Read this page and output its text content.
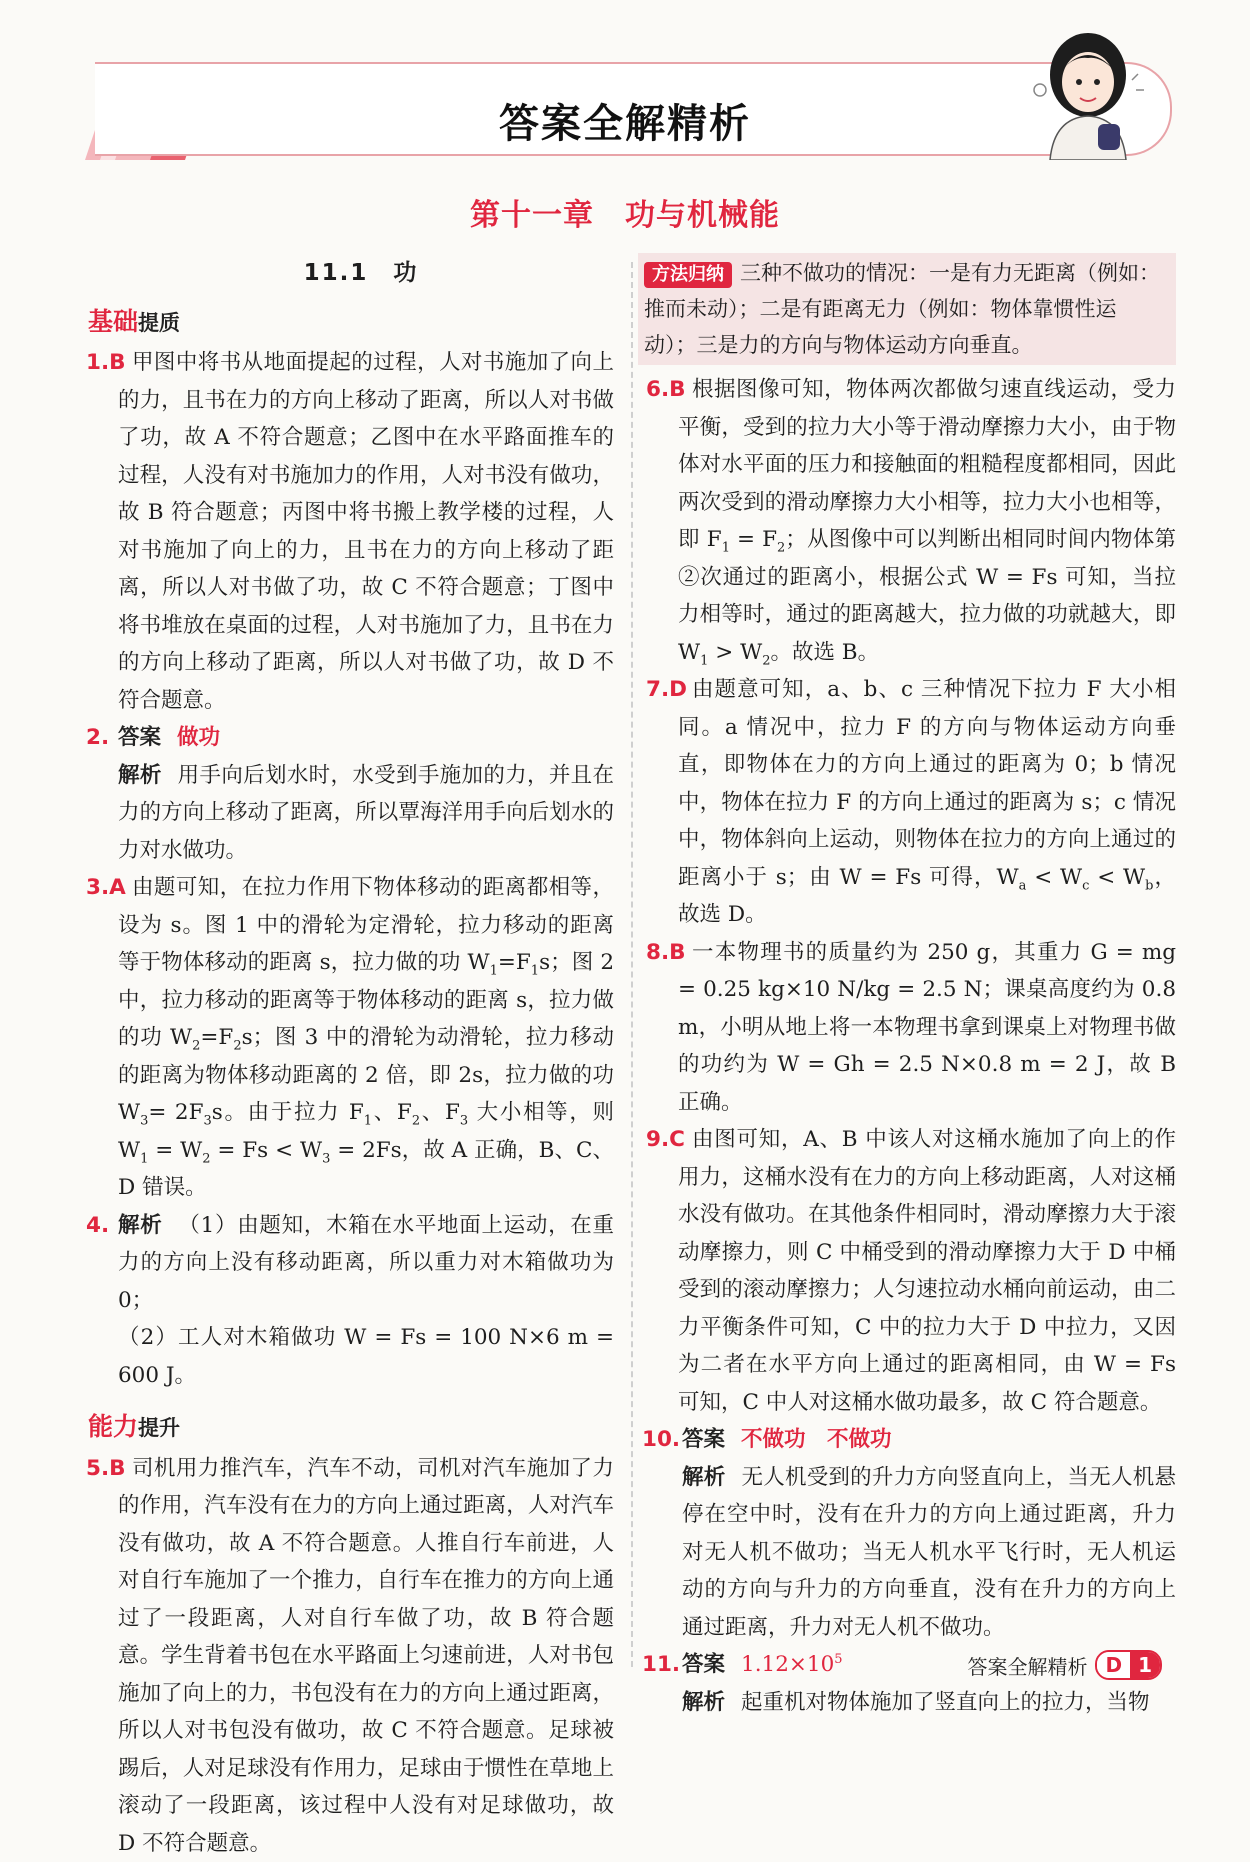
答案全解精析
第十一章　功与机械能
11.1　功
基础提质
1.B 甲图中将书从地面提起的过程，人对书施加了向上的力，且书在力的方向上移动了距离，所以人对书做了功，故 A 不符合题意；乙图中在水平路面推车的过程，人没有对书施加力的作用，人对书没有做功，故 B 符合题意；丙图中将书搬上教学楼的过程，人对书施加了向上的力，且书在力的方向上移动了距离，所以人对书做了功，故 C 不符合题意；丁图中将书堆放在桌面的过程，人对书施加了力，且书在力的方向上移动了距离，所以人对书做了功，故 D 不符合题意。
2. 答案 做功
解析 用手向后划水时，水受到手施加的力，并且在力的方向上移动了距离，所以覃海洋用手向后划水的力对水做功。
3.A 由题可知，在拉力作用下物体移动的距离都相等，设为 s。图 1 中的滑轮为定滑轮，拉力移动的距离等于物体移动的距离 s，拉力做的功 $W_1=F_1s$；图 2 中，拉力移动的距离等于物体移动的距离 s，拉力做的功 $W_2=F_2s$；图 3 中的滑轮为动滑轮，拉力移动的距离为物体移动距离的 2 倍，即 2s，拉力做的功 $W_3= 2F_3s$。由于拉力 $F_1$、$F_2$、$F_3$ 大小相等，则 $W_1 = W_2 = Fs < W_3 = 2Fs$，故 A 正确，B、C、D 错误。
4. 解析 （1）由题知，木箱在水平地面上运动，在重力的方向上没有移动距离，所以重力对木箱做功为 0；
（2）工人对木箱做功 W = Fs = 100 N×6 m = 600 J。
能力提升
5.B 司机用力推汽车，汽车不动，司机对汽车施加了力的作用，汽车没有在力的方向上通过距离，人对汽车没有做功，故 A 不符合题意。人推自行车前进，人对自行车施加了一个推力，自行车在推力的方向上通过了一段距离，人对自行车做了功，故 B 符合题意。学生背着书包在水平路面上匀速前进，人对书包施加了向上的力，书包没有在力的方向上通过距离，所以人对书包没有做功，故 C 不符合题意。足球被踢后，人对足球没有作用力，足球由于惯性在草地上滚动了一段距离，该过程中人没有对足球做功，故 D 不符合题意。
方法归纳 三种不做功的情况：一是有力无距离（例如：推而未动）；二是有距离无力（例如：物体靠惯性运动）；三是力的方向与物体运动方向垂直。
6.B 根据图像可知，物体两次都做匀速直线运动，受力平衡，受到的拉力大小等于滑动摩擦力大小，由于物体对水平面的压力和接触面的粗糙程度都相同，因此两次受到的滑动摩擦力大小相等，拉力大小也相等，即 $F_1 = F_2$；从图像中可以判断出相同时间内物体第②次通过的距离小，根据公式 W = Fs 可知，当拉力相等时，通过的距离越大，拉力做的功就越大，即 $W_1 > W_2$。故选 B。
7.D 由题意可知，a、b、c 三种情况下拉力 F 大小相同。a 情况中，拉力 F 的方向与物体运动方向垂直，即物体在力的方向上通过的距离为 0；b 情况中，物体在拉力 F 的方向上通过的距离为 s；c 情况中，物体斜向上运动，则物体在拉力的方向上通过的距离小于 s；由 W = Fs 可得，$W_a < W_c < W_b$，故选 D。
8.B 一本物理书的质量约为 250 g，其重力 G = mg = 0.25 kg×10 N/kg = 2.5 N；课桌高度约为 0.8 m，小明从地上将一本物理书拿到课桌上对物理书做的功约为 W = Gh = 2.5 N×0.8 m = 2 J，故 B 正确。
9.C 由图可知，A、B 中该人对这桶水施加了向上的作用力，这桶水没有在力的方向上移动距离，人对这桶水没有做功。在其他条件相同时，滑动摩擦力大于滚动摩擦力，则 C 中桶受到的滑动摩擦力大于 D 中桶受到的滚动摩擦力；人匀速拉动水桶向前运动，由二力平衡条件可知，C 中的拉力大于 D 中拉力，又因为二者在水平方向上通过的距离相同，由 W = Fs 可知，C 中人对这桶水做功最多，故 C 符合题意。
10. 答案 不做功　不做功
解析 无人机受到的升力方向竖直向上，当无人机悬停在空中时，没有在升力的方向上通过距离，升力对无人机不做功；当无人机水平飞行时，无人机运动的方向与升力的方向垂直，没有在升力的方向上通过距离，升力对无人机不做功。
11. 答案 $1.12\times 10^5$
解析 起重机对物体施加了竖直向上的拉力，当物
答案全解精析 D 1
